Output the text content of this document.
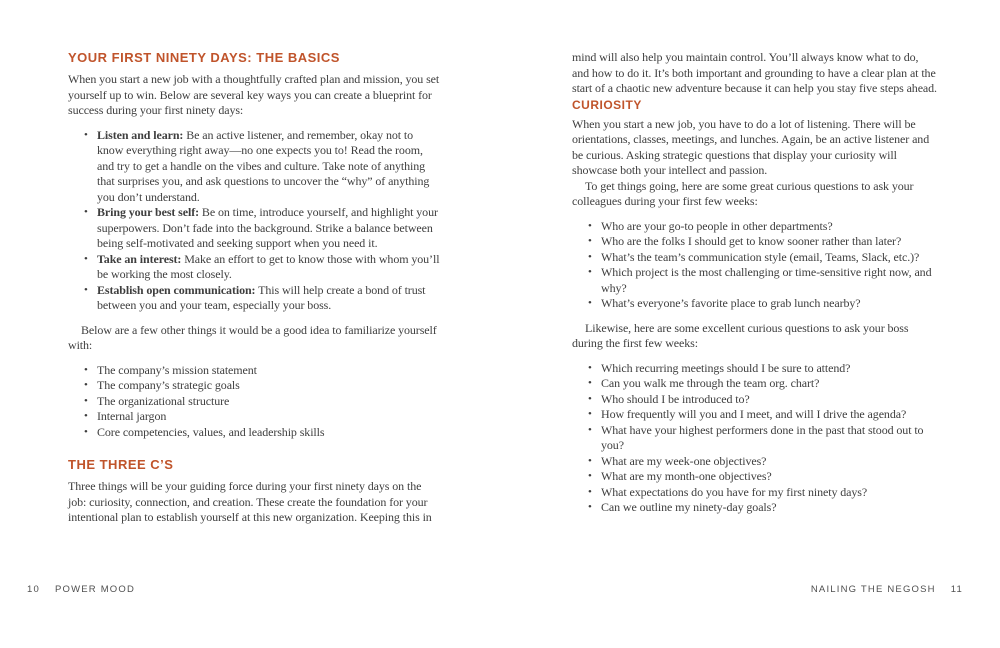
YOUR FIRST NINETY DAYS: THE BASICS

When you start a new job with a thoughtfully crafted plan and mission, you set yourself up to win. Below are several key ways you can create a blueprint for success during your first ninety days:

• Listen and learn: Be an active listener, and remember, okay not to know everything right away—no one expects you to! Read the room, and try to get a handle on the vibes and culture. Take note of anything that surprises you, and ask questions to uncover the “why” of anything you don’t understand.
• Bring your best self: Be on time, introduce yourself, and highlight your superpowers. Don’t fade into the background. Strike a balance between being self-motivated and seeking support when you need it.
• Take an interest: Make an effort to get to know those with whom you’ll be working the most closely.
• Establish open communication: This will help create a bond of trust between you and your team, especially your boss.

Below are a few other things it would be a good idea to familiarize yourself with:

• The company’s mission statement
• The company’s strategic goals
• The organizational structure
• Internal jargon
• Core competencies, values, and leadership skills
THE THREE C’S

Three things will be your guiding force during your first ninety days on the job: curiosity, connection, and creation. These create the foundation for your intentional plan to establish yourself at this new organization. Keeping this in

mind will also help you maintain control. You’ll always know what to do, and how to do it. It’s both important and grounding to have a clear plan at the start of a chaotic new adventure because it can help you stay five steps ahead.

CURIOSITY

When you start a new job, you have to do a lot of listening. There will be orientations, classes, meetings, and lunches. Again, be an active listener and be curious. Asking strategic questions that display your curiosity will showcase both your intellect and passion.

To get things going, here are some great curious questions to ask your colleagues during your first few weeks:

• Who are your go-to people in other departments?
• Who are the folks I should get to know sooner rather than later?
• What’s the team’s communication style (email, Teams, Slack, etc.)?
• Which project is the most challenging or time-sensitive right now, and why?
• What’s everyone’s favorite place to grab lunch nearby?

Likewise, here are some excellent curious questions to ask your boss during the first few weeks:

• Which recurring meetings should I be sure to attend?
• Can you walk me through the team org. chart?
• Who should I be introduced to?
• How frequently will you and I meet, and will I drive the agenda?
• What have your highest performers done in the past that stood out to you?
• What are my week-one objectives?
• What are my month-one objectives?
• What expectations do you have for my first ninety days?
• Can we outline my ninety-day goals?
10 POWER MOOD	NAILING THE NEGOSH 11
